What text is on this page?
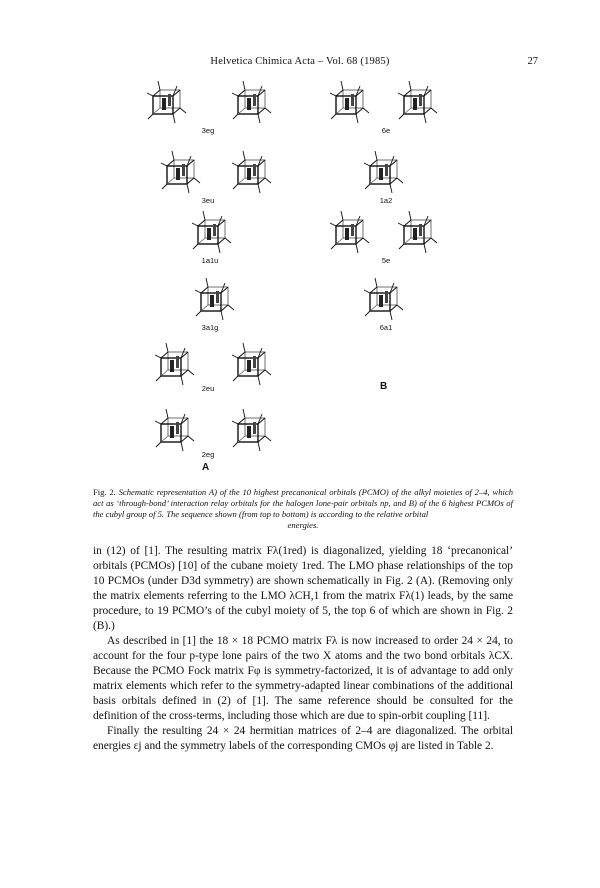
Helvetica Chimica Acta – Vol. 68 (1985)	27
3eg
3eu
1a1u
3a1g
2eu
2eg
A
6e
1a2
5e
6a1
B
Fig. 2. Schematic representation A) of the 10 highest precanonical orbitals (PCMO) of the alkyl moieties of 2–4, which act as ‘through-bond’ interaction relay orbitals for the halogen lone-pair orbitals np, and B) of the 6 highest PCMOs of the cubyl group of 5. The sequence shown (from top to bottom) is according to the relative orbital
energies.

in (12) of [1]. The resulting matrix Fλ(1red) is diagonalized, yielding 18 ‘precanonical’ orbitals (PCMOs) [10] of the cubane moiety 1red. The LMO phase relationships of the top 10 PCMOs (under D3d symmetry) are shown schematically in Fig. 2 (A). (Removing only the matrix elements referring to the LMO λCH,1 from the matrix Fλ(1) leads, by the same procedure, to 19 PCMO’s of the cubyl moiety of 5, the top 6 of which are shown in Fig. 2 (B).)

As described in [1] the 18 × 18 PCMO matrix Fλ is now increased to order 24 × 24, to account for the four p-type lone pairs of the two X atoms and the two bond orbitals λCX. Because the PCMO Fock matrix Fφ is symmetry-factorized, it is of advantage to add only matrix elements which refer to the symmetry-adapted linear combinations of the additional basis orbitals defined in (2) of [1]. The same reference should be consulted for the definition of the cross-terms, including those which are due to spin-orbit coupling [11].

Finally the resulting 24 × 24 hermitian matrices of 2–4 are diagonalized. The orbital energies εj and the symmetry labels of the corresponding CMOs φj are listed in Table 2.
